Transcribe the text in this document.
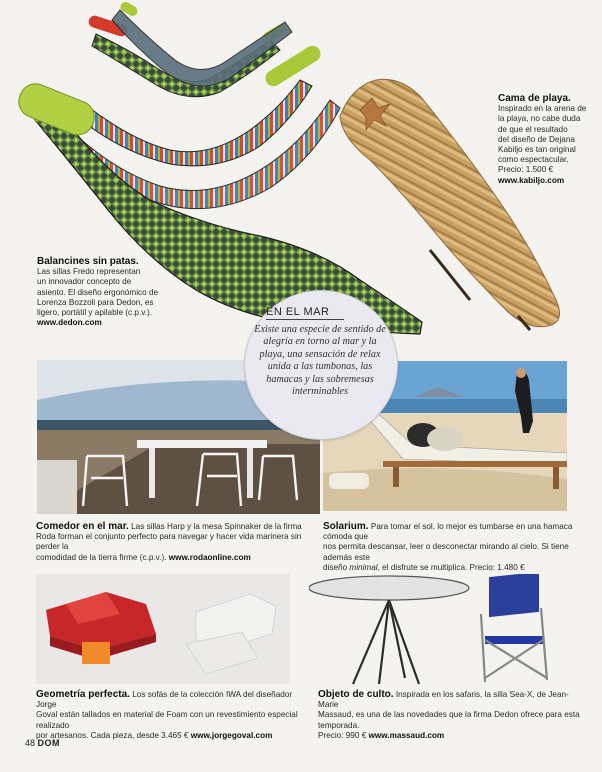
Cama de playa.
Inspirado en la arena de
la playa, no cabe duda
de que el resultado
del diseño de Dejana
Kabiljo es tan original
como espectacular.
Precio: 1.500 €
www.kabiljo.com
Balancines sin patas.
Las sillas Fredo representan
un innovador concepto de
asiento. El diseño ergonómico de
Lorenza Bozzoli para Dedon, es
ligero, portátil y apilable (c.p.v.).
www.dedon.com
Comedor en el mar. Las sillas Harp y la mesa Spinnaker de la firma
Roda forman el conjunto perfecto para navegar y hacer vida marinera sin perder la
comodidad de la tierra firme (c.p.v.). www.rodaonline.com
Solarium. Para tomar el sol, lo mejor es tumbarse en una hamaca cómoda que
nos permita descansar, leer o desconectar mirando al cielo. Si tiene además este
diseño minimal, el disfrute se multiplica. Precio: 1.480 €
Geometría perfecta. Los sofás de la colección IWA del diseñador Jorge
Goval están tallados en material de Foam con un revestimiento especial realizado
por artesanos. Cada pieza, desde 3.465 € www.jorgegoval.com
Objeto de culto. Inspirada en los safaris, la silla Sea-X, de Jean-Marie
Massaud, es una de las novedades que la firma Dedon ofrece para esta temporada.
Precio: 990 € www.massaud.com
EN EL MAR
Existe una especie de sentido de alegría en torno al mar y la playa, una sensación de relax unida a las tumbonas, las hamacas y las sobremesas interminables
48 DOM
